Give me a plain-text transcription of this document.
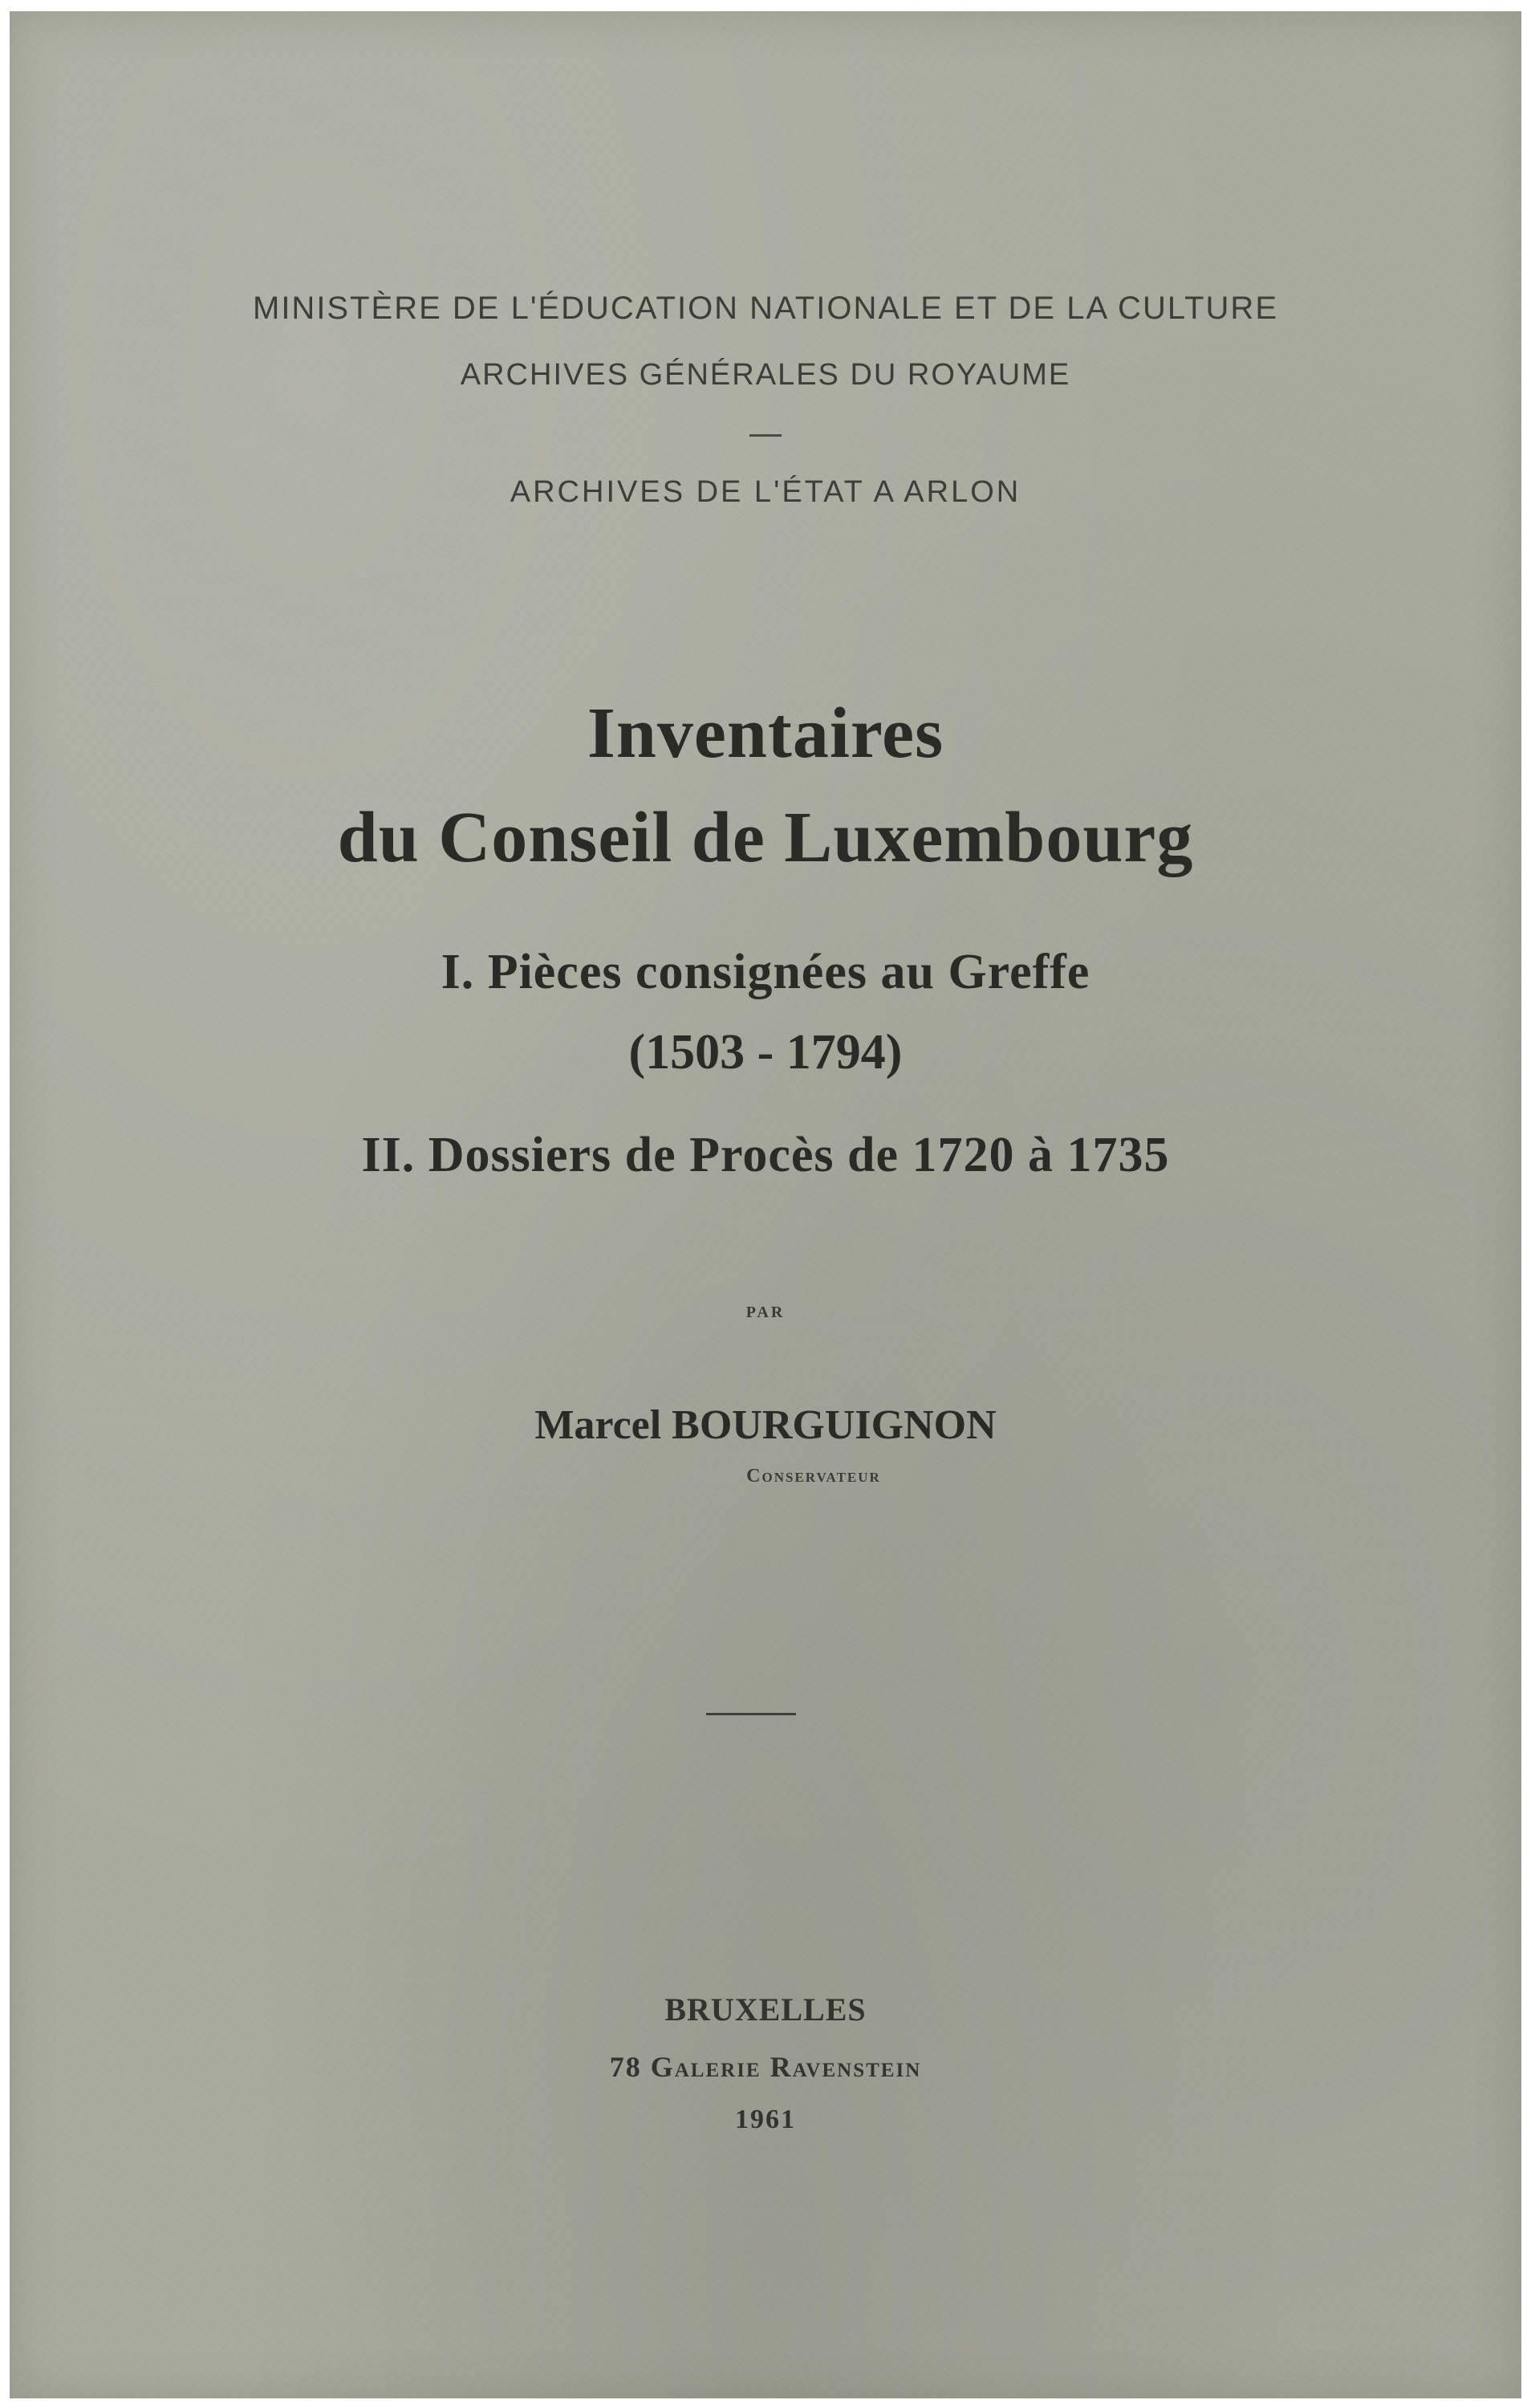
MINISTÈRE DE L'ÉDUCATION NATIONALE ET DE LA CULTURE
ARCHIVES GÉNÉRALES DU ROYAUME
ARCHIVES DE L'ÉTAT A ARLON
Inventaires
du Conseil de Luxembourg
I. Pièces consignées au Greffe
(1503 - 1794)
II. Dossiers de Procès de 1720 à 1735
PAR
Marcel BOURGUIGNON
Conservateur
BRUXELLES
78 Galerie Ravenstein
1961
